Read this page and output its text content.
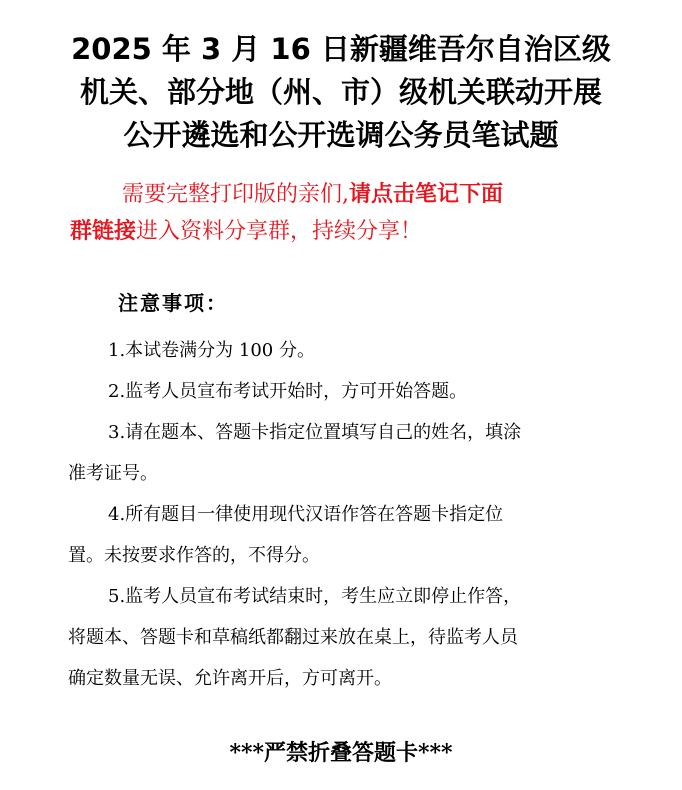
2025 年 3 月 16 日新疆维吾尔自治区级
机关、部分地（州、市）级机关联动开展
公开遴选和公开选调公务员笔试题
需要完整打印版的亲们,请点击笔记下面
群链接进入资料分享群，持续分享！
注意事项：
1.本试卷满分为 100 分。
2.监考人员宣布考试开始时，方可开始答题。
3.请在题本、答题卡指定位置填写自己的姓名，填涂
准考证号。
4.所有题目一律使用现代汉语作答在答题卡指定位
置。未按要求作答的，不得分。
5.监考人员宣布考试结束时，考生应立即停止作答，
将题本、答题卡和草稿纸都翻过来放在桌上，待监考人员
确定数量无误、允许离开后，方可离开。
***严禁折叠答题卡***
